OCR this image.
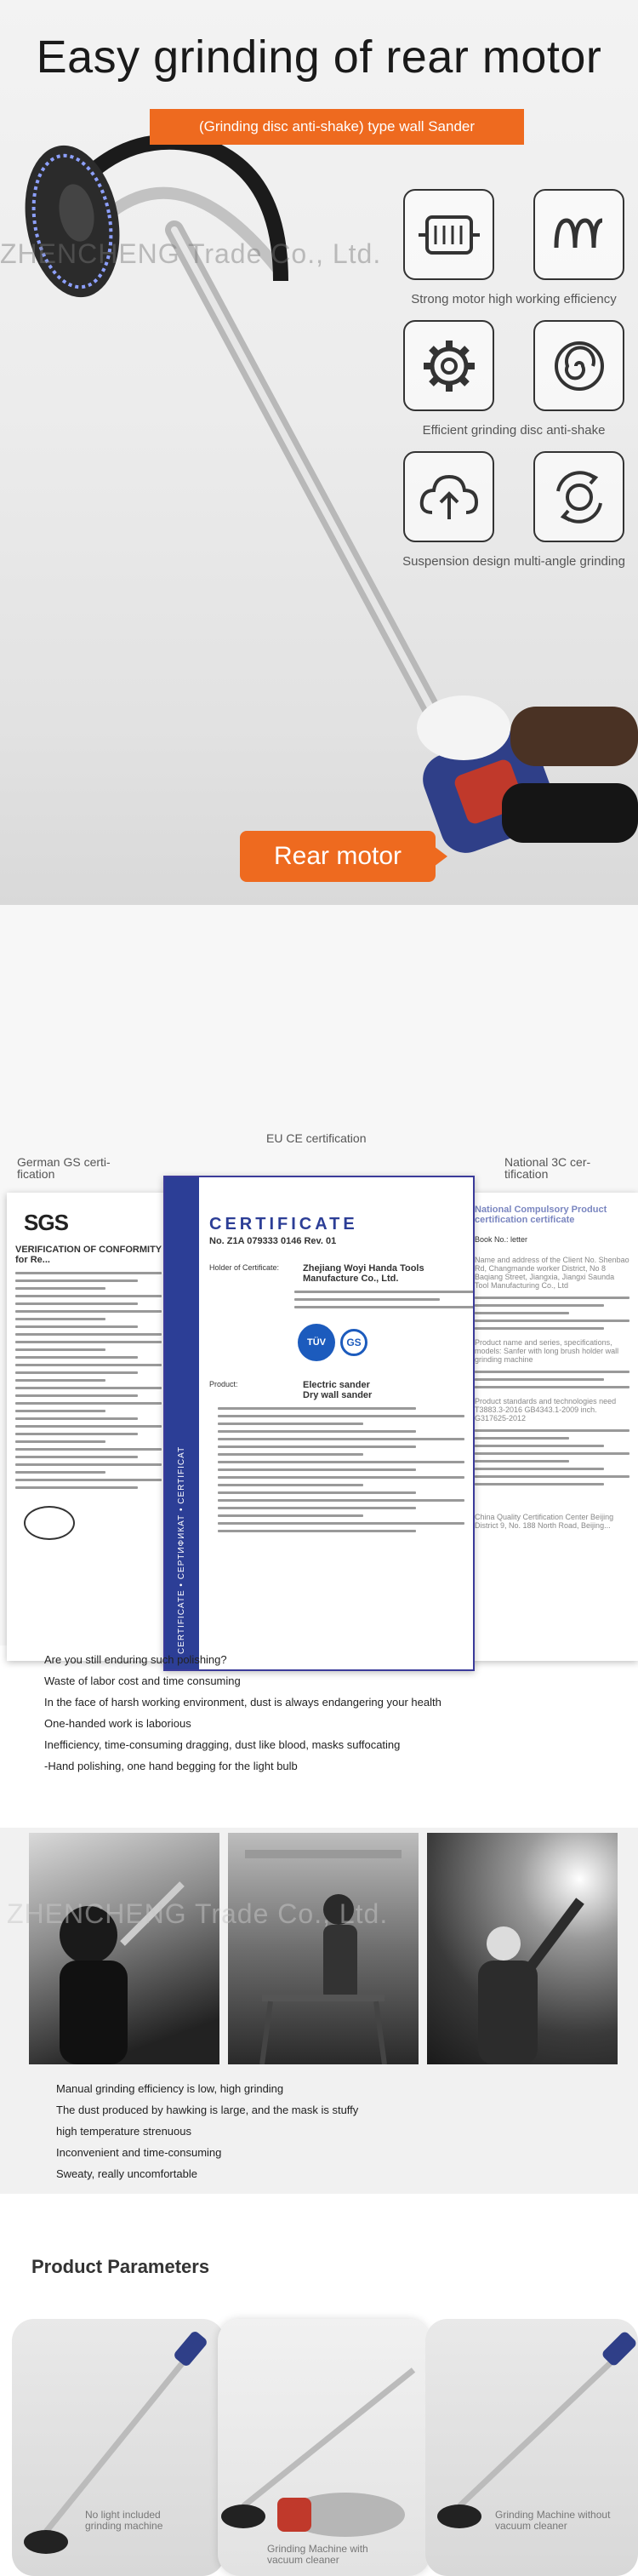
Easy grinding of rear motor
(Grinding disc anti-shake) type wall Sander
ZHENCHENG Trade Co., Ltd.
Strong motor high working efficiency
Efficient grinding disc anti-shake
Suspension design multi-angle grinding
Rear motor
EU CE certification
German GS certi- fication
National 3C cer- tification
SGS
VERIFICATION OF CONFORMITY for Re...
National Compulsory Product certification certificate
Book No.: letter
Name and address of the Client No. Shenbao Rd, Changmande worker District, No 8 Baqiang Street, Jiangxia, Jiangxi Saunda Tool Manufacturing Co., Ltd
Product name and series, specifications, models: Sanfer with long brush holder wall grinding machine
Product standards and technologies need T3883.3-2016 GB4343.1-2009 inch. G317625-2012
China Quality Certification Center Beijing District 9, No. 188 North Road, Beijing...
CERTIFICATE • CEPTИФИКАТ • CERTIFICAT
CERTIFICATE
No. Z1A 079333 0146 Rev. 01
Holder of Certificate:	Zhejiang Woyi Handa Tools Manufacture Co., Ltd.
TÜV	GS
Product:	Electric sander Dry wall sander
Are you still enduring such polishing?
Waste of labor cost and time consuming
In the face of harsh working environment, dust is always endangering your health
One-handed work is laborious
Inefficiency, time-consuming dragging, dust like blood, masks suffocating
-Hand polishing, one hand begging for the light bulb
ZHENCHENG Trade Co., Ltd.
Manual grinding efficiency is low, high grinding
The dust produced by hawking is large, and the mask is stuffy
high temperature strenuous
Inconvenient and time-consuming
Sweaty, really uncomfortable
Product Parameters
No light included grinding machine
Grinding Machine with vacuum cleaner
Grinding Machine without vacuum cleaner
